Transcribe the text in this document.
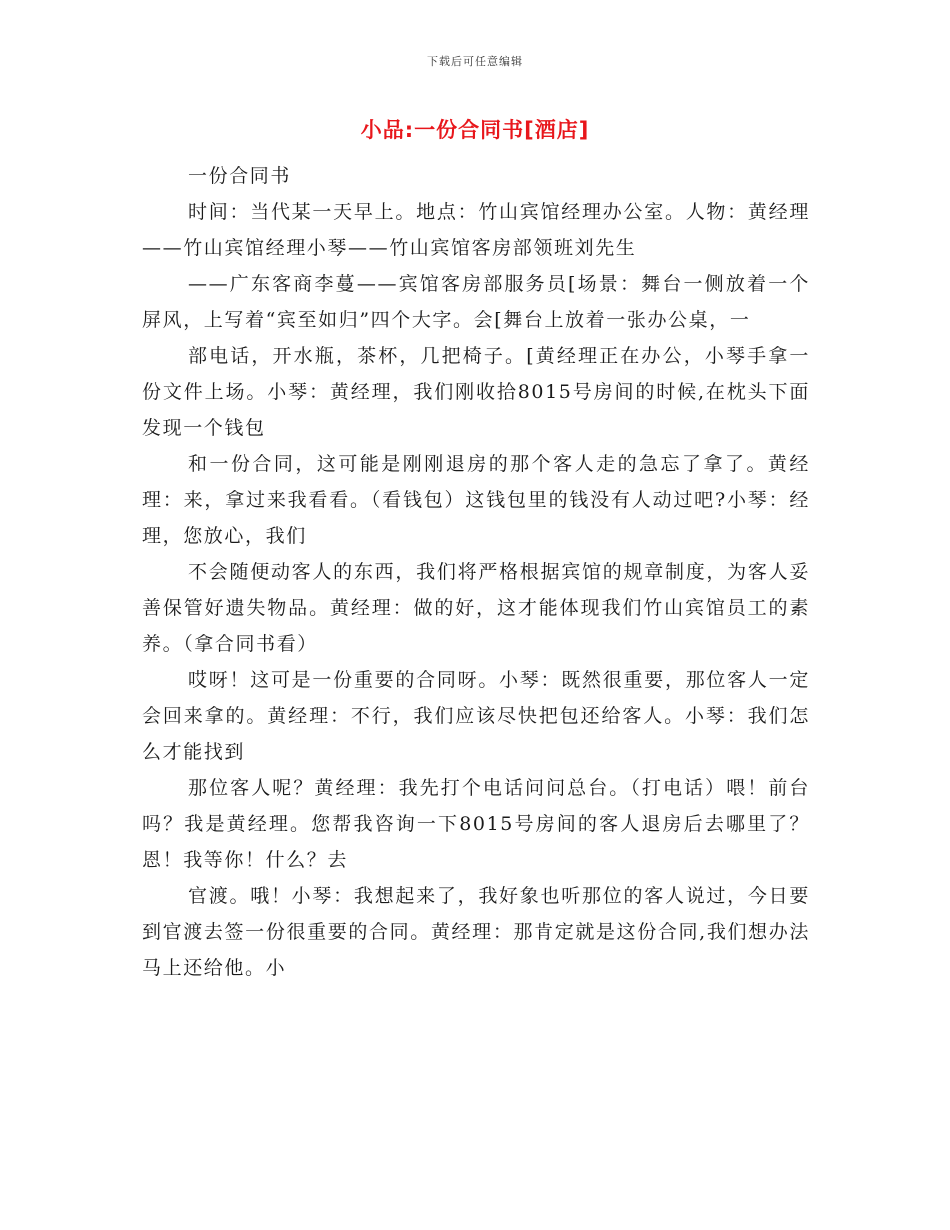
下载后可任意编辑
小品:一份合同书[酒店]

一份合同书

时间：当代某一天早上。地点：竹山宾馆经理办公室。人物：黄经理——竹山宾馆经理小琴——竹山宾馆客房部领班刘先生

——广东客商李蔓——宾馆客房部服务员[场景：舞台一侧放着一个屏风，上写着“宾至如归”四个大字。会[舞台上放着一张办公桌，一

部电话，开水瓶，茶杯，几把椅子。[黄经理正在办公，小琴手拿一份文件上场。小琴：黄经理，我们刚收拾8015号房间的时候,在枕头下面发现一个钱包

和一份合同，这可能是刚刚退房的那个客人走的急忘了拿了。黄经理：来，拿过来我看看。（看钱包）这钱包里的钱没有人动过吧?小琴：经理，您放心，我们

不会随便动客人的东西，我们将严格根据宾馆的规章制度，为客人妥善保管好遗失物品。黄经理：做的好，这才能体现我们竹山宾馆员工的素养。（拿合同书看）

哎呀！这可是一份重要的合同呀。小琴：既然很重要，那位客人一定会回来拿的。黄经理：不行，我们应该尽快把包还给客人。小琴：我们怎么才能找到

那位客人呢？黄经理：我先打个电话问问总台。（打电话）喂！前台吗？我是黄经理。您帮我咨询一下8015号房间的客人退房后去哪里了？恩！我等你！什么？去

官渡。哦！小琴：我想起来了，我好象也听那位的客人说过，今日要到官渡去签一份很重要的合同。黄经理：那肯定就是这份合同,我们想办法马上还给他。小
